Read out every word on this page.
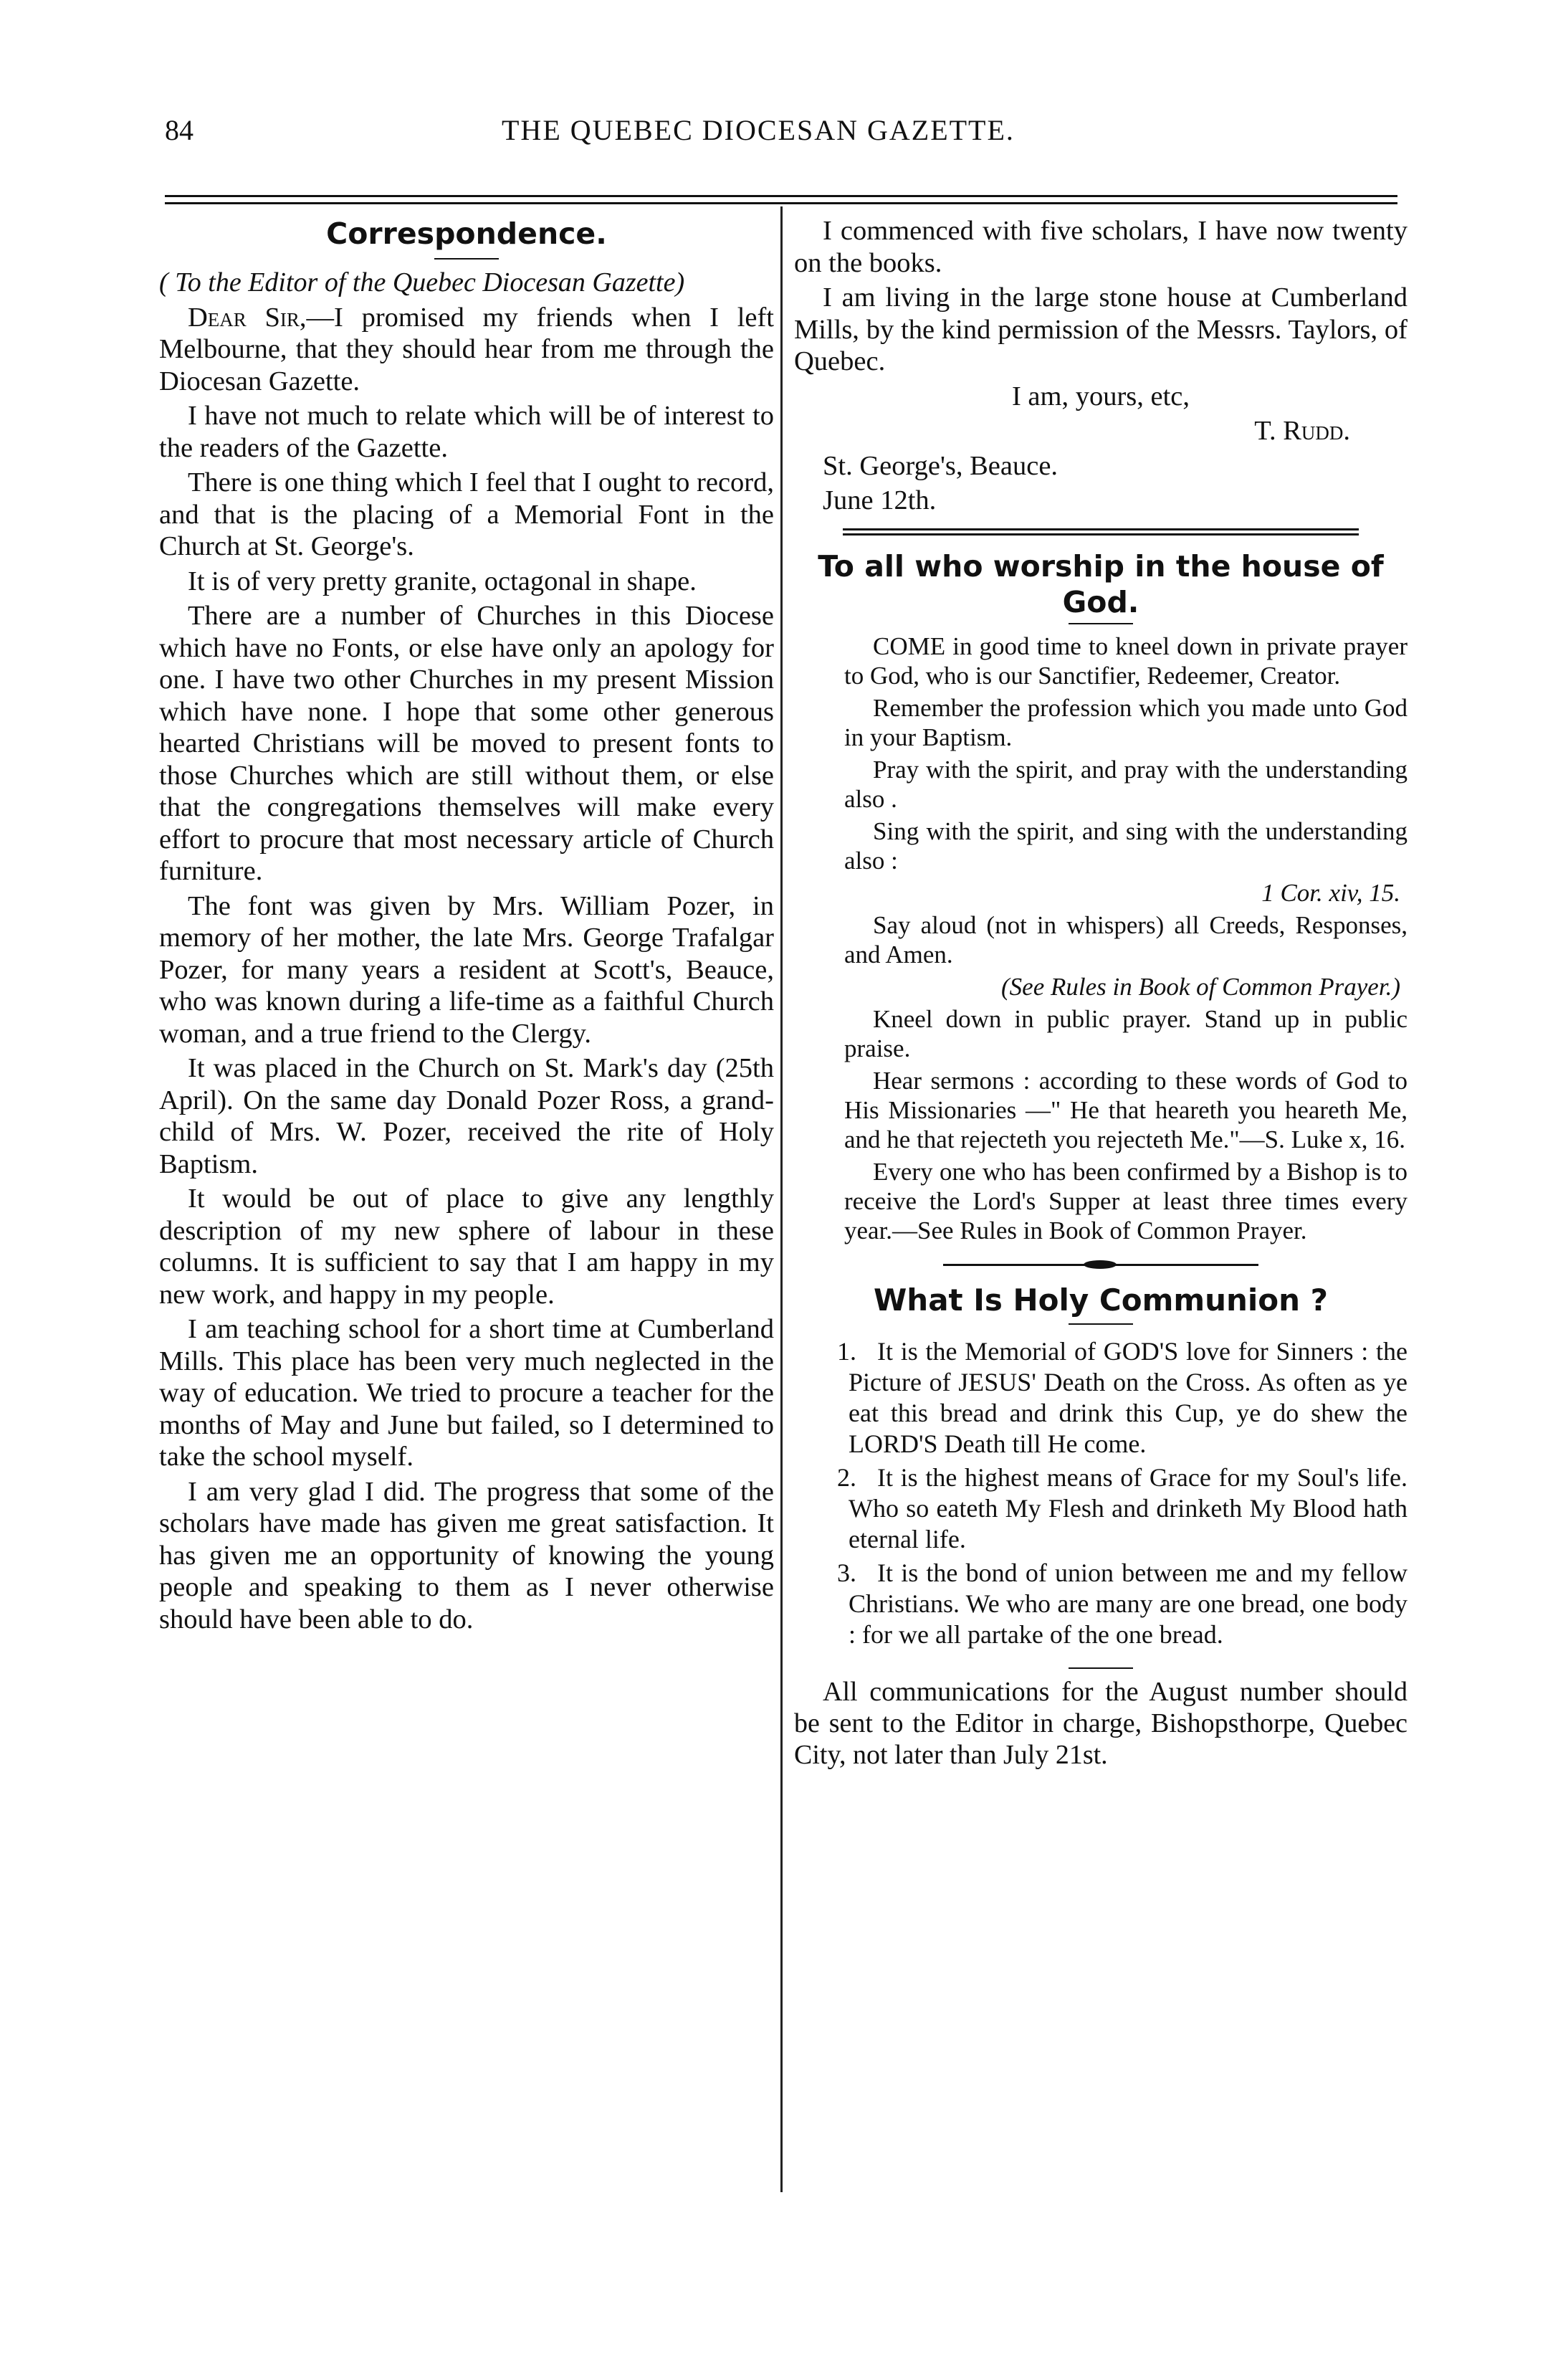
84	THE QUEBEC DIOCESAN GAZETTE.
Correspondence.

( To the Editor of the Quebec Diocesan Gazette)

Dear Sir,—I promised my friends when I left Melbourne, that they should hear from me through the Diocesan Gazette.

I have not much to relate which will be of interest to the readers of the Gazette.

There is one thing which I feel that I ought to record, and that is the placing of a Memorial Font in the Church at St. George's.

It is of very pretty granite, octagonal in shape.

There are a number of Churches in this Diocese which have no Fonts, or else have only an apology for one. I have two other Churches in my present Mission which have none. I hope that some other generous hearted Christians will be moved to present fonts to those Churches which are still without them, or else that the congregations themselves will make every effort to procure that most necessary article of Church furniture.

The font was given by Mrs. William Pozer, in memory of her mother, the late Mrs. George Trafalgar Pozer, for many years a resident at Scott's, Beauce, who was known during a life-time as a faithful Church woman, and a true friend to the Clergy.

It was placed in the Church on St. Mark's day (25th April). On the same day Donald Pozer Ross, a grand-child of Mrs. W. Pozer, received the rite of Holy Baptism.

It would be out of place to give any lengthly description of my new sphere of labour in these columns. It is sufficient to say that I am happy in my new work, and happy in my people.

I am teaching school for a short time at Cumberland Mills. This place has been very much neglected in the way of education. We tried to procure a teacher for the months of May and June but failed, so I determined to take the school myself.

I am very glad I did. The progress that some of the scholars have made has given me great satisfaction. It has given me an opportunity of knowing the young people and speaking to them as I never otherwise should have been able to do.

I commenced with five scholars, I have now twenty on the books.

I am living in the large stone house at Cumberland Mills, by the kind permission of the Messrs. Taylors, of Quebec.

I am, yours, etc,

T. Rudd.

St. George's, Beauce.

June 12th.

To all who worship in the house of God.

COME in good time to kneel down in private prayer to God, who is our Sanctifier, Redeemer, Creator.

Remember the profession which you made unto God in your Baptism.

Pray with the spirit, and pray with the understanding also .

Sing with the spirit, and sing with the understanding also :

1 Cor. xiv, 15.

Say aloud (not in whispers) all Creeds, Responses, and Amen.

(See Rules in Book of Common Prayer.)

Kneel down in public prayer. Stand up in public praise.

Hear sermons : according to these words of God to His Missionaries —" He that heareth you heareth Me, and he that rejecteth you rejecteth Me."—S. Luke x, 16.

Every one who has been confirmed by a Bishop is to receive the Lord's Supper at least three times every year.—See Rules in Book of Common Prayer.

What Is Holy Communion ?

1. It is the Memorial of GOD'S love for Sinners : the Picture of JESUS' Death on the Cross. As often as ye eat this bread and drink this Cup, ye do shew the LORD'S Death till He come.

2. It is the highest means of Grace for my Soul's life. Who so eateth My Flesh and drinketh My Blood hath eternal life.

3. It is the bond of union between me and my fellow Christians. We who are many are one bread, one body : for we all partake of the one bread.

All communications for the August number should be sent to the Editor in charge, Bishopsthorpe, Quebec City, not later than July 21st.
